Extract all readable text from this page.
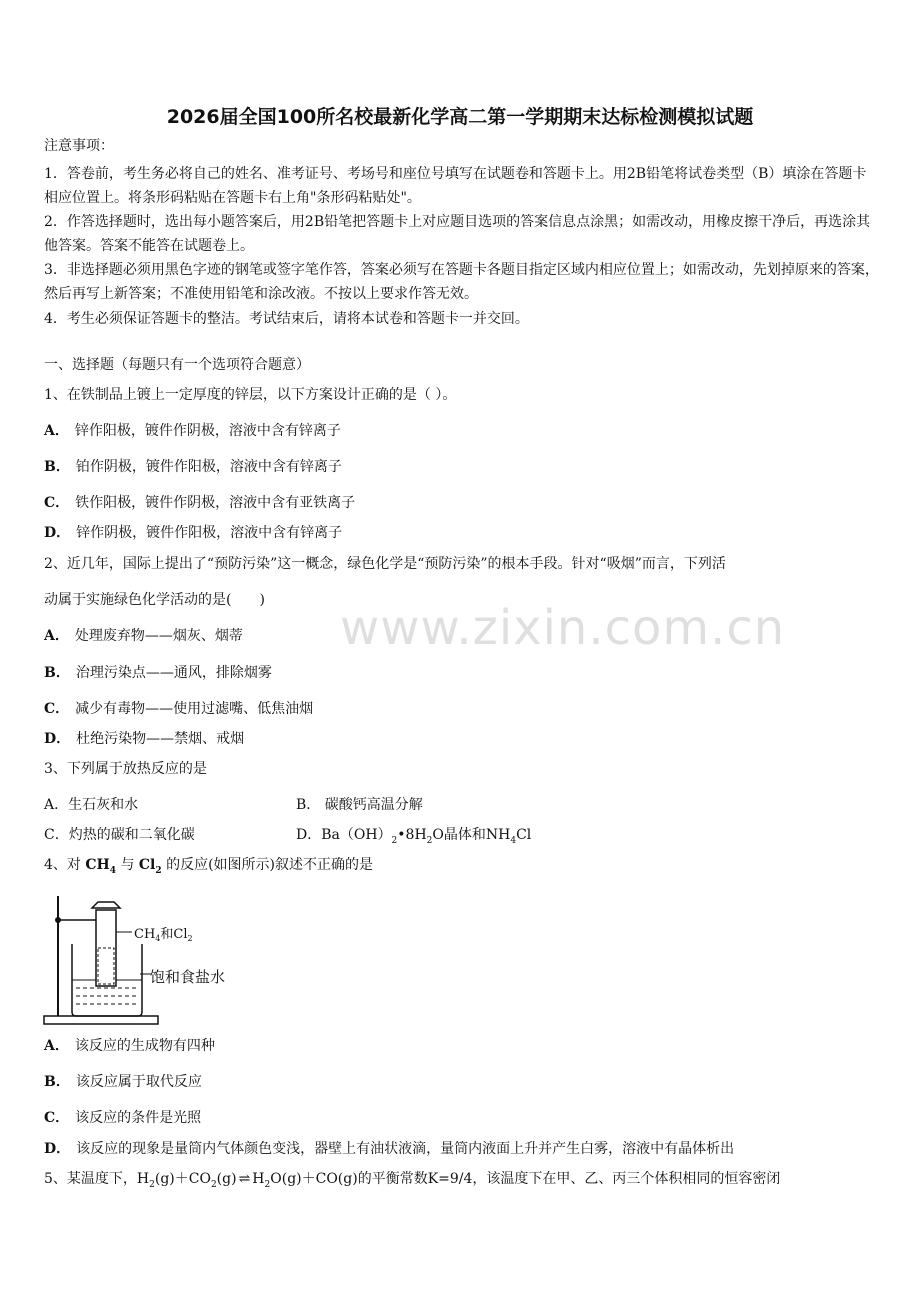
2026届全国100所名校最新化学高二第一学期期末达标检测模拟试题
注意事项：
1．答卷前，考生务必将自己的姓名、准考证号、考场号和座位号填写在试题卷和答题卡上。用2B铅笔将试卷类型（B）填涂在答题卡相应位置上。将条形码粘贴在答题卡右上角"条形码粘贴处"。
2．作答选择题时，选出每小题答案后，用2B铅笔把答题卡上对应题目选项的答案信息点涂黑；如需改动，用橡皮擦干净后，再选涂其他答案。答案不能答在试题卷上。
3．非选择题必须用黑色字迹的钢笔或签字笔作答，答案必须写在答题卡各题目指定区域内相应位置上；如需改动，先划掉原来的答案，然后再写上新答案；不准使用铅笔和涂改液。不按以上要求作答无效。
4．考生必须保证答题卡的整洁。考试结束后，请将本试卷和答题卡一并交回。
一、选择题（每题只有一个选项符合题意）
1、在铁制品上镀上一定厚度的锌层，以下方案设计正确的是（ ）。
A． 锌作阳极，镀件作阴极，溶液中含有锌离子
B． 铂作阴极，镀件作阳极，溶液中含有锌离子
C． 铁作阳极，镀件作阴极，溶液中含有亚铁离子
D． 锌作阴极，镀件作阳极，溶液中含有锌离子
2、近几年，国际上提出了“预防污染”这一概念，绿色化学是“预防污染”的根本手段。针对“吸烟”而言，下列活
动属于实施绿色化学活动的是(　　) www.zixin.com.cn
A． 处理废弃物——烟灰、烟蒂
B． 治理污染点——通风，排除烟雾
C． 减少有毒物——使用过滤嘴、低焦油烟
D． 杜绝污染物——禁烟、戒烟
3、下列属于放热反应的是
A．生石灰和水	B． 碳酸钙高温分解
C．灼热的碳和二氧化碳	D．$Ba(OH)_2•8H_2O$晶体和$NH_4Cl$
4、对 $CH_4$ 与 $Cl_2$ 的反应(如图所示)叙述不正确的是
$CH_4$和$Cl_2$
饱和食盐水
A． 该反应的生成物有四种
B． 该反应属于取代反应
C． 该反应的条件是光照
D． 该反应的现象是量筒内气体颜色变浅，器壁上有油状液滴，量筒内液面上升并产生白雾，溶液中有晶体析出
5、某温度下，$H_2(g)+CO_2(g)$ ⇌ $H_2O(g)+CO(g)$的平衡常数K=9/4，该温度下在甲、乙、丙三个体积相同的恒容密闭
